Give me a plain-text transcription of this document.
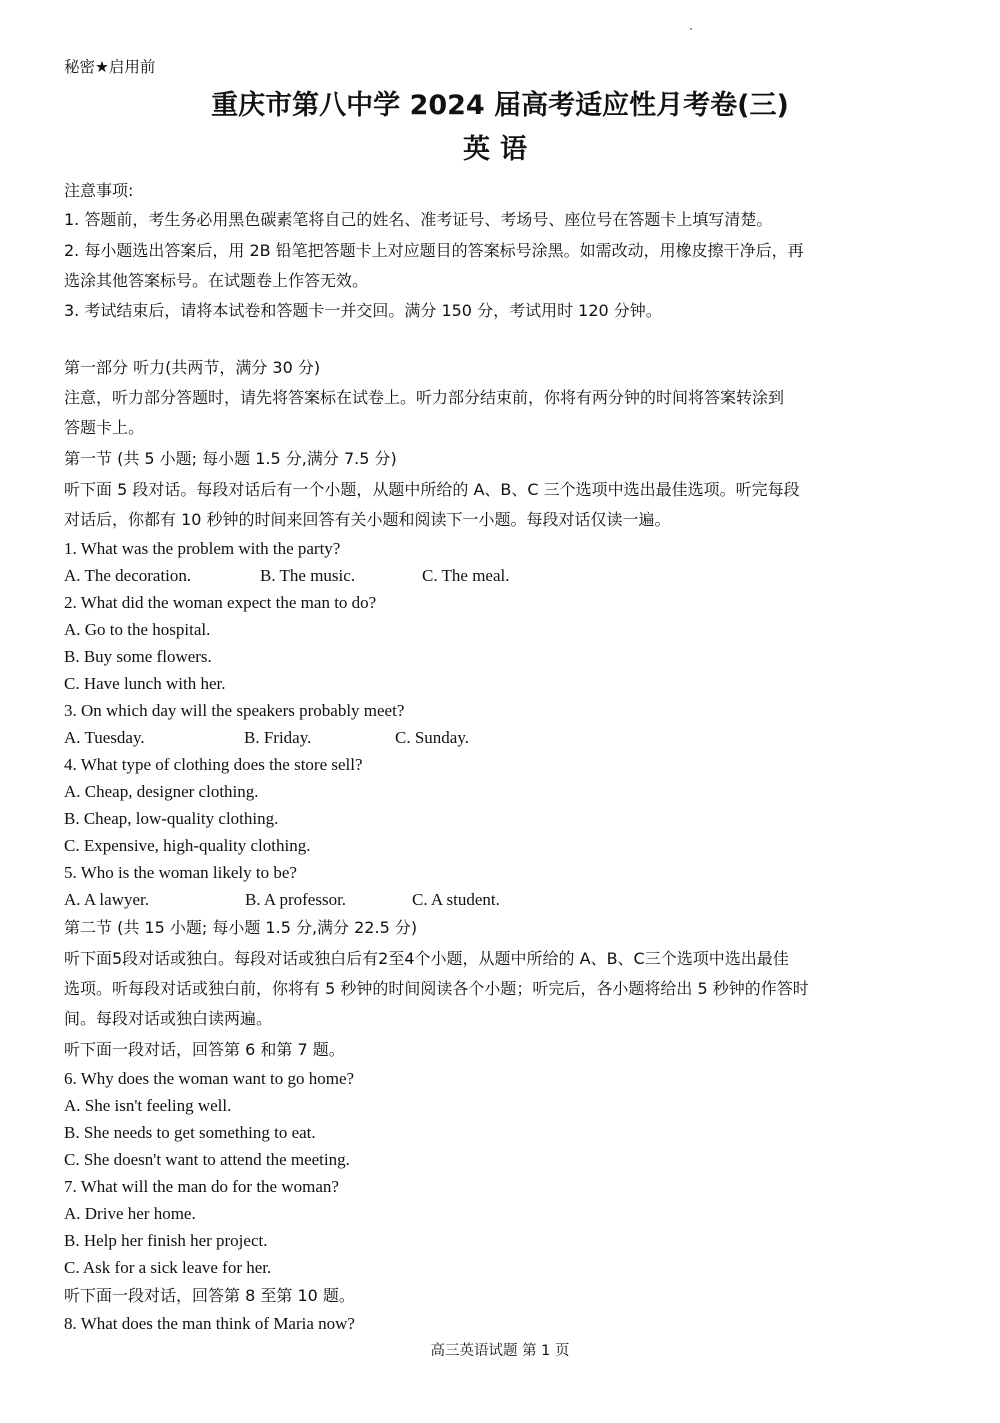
秘密★启用前
重庆市第八中学 2024 届高考适应性月考卷(三)
英语
注意事项:
1. 答题前，考生务必用黑色碳素笔将自己的姓名、准考证号、考场号、座位号在答题卡上填写清楚。
2. 每小题选出答案后，用 2B 铅笔把答题卡上对应题目的答案标号涂黑。如需改动，用橡皮擦干净后，再
选涂其他答案标号。在试题卷上作答无效。
3. 考试结束后，请将本试卷和答题卡一并交回。满分 150 分，考试用时 120 分钟。
第一部分 听力(共两节，满分 30 分)
注意，听力部分答题时，请先将答案标在试卷上。听力部分结束前，你将有两分钟的时间将答案转涂到
答题卡上。
第一节 (共 5 小题; 每小题 1.5 分,满分 7.5 分)
听下面 5 段对话。每段对话后有一个小题，从题中所给的 A、B、C 三个选项中选出最佳选项。听完每段
对话后，你都有 10 秒钟的时间来回答有关小题和阅读下一小题。每段对话仅读一遍。
1. What was the problem with the party?
A. The decoration.	B. The music.	C. The meal.
2. What did the woman expect the man to do?
A. Go to the hospital.
B. Buy some flowers.
C. Have lunch with her.
3. On which day will the speakers probably meet?
A. Tuesday.	B. Friday.	C. Sunday.
4. What type of clothing does the store sell?
A. Cheap, designer clothing.
B. Cheap, low-quality clothing.
C. Expensive, high-quality clothing.
5. Who is the woman likely to be?
A. A lawyer.	B. A professor.	C. A student.
第二节 (共 15 小题; 每小题 1.5 分,满分 22.5 分)
听下面5段对话或独白。每段对话或独白后有2至4个小题，从题中所给的 A、B、C三个选项中选出最佳
选项。听每段对话或独白前，你将有 5 秒钟的时间阅读各个小题；听完后，各小题将给出 5 秒钟的作答时
间。每段对话或独白读两遍。
听下面一段对话，回答第 6 和第 7 题。
6. Why does the woman want to go home?
A. She isn't feeling well.
B. She needs to get something to eat.
C. She doesn't want to attend the meeting.
7. What will the man do for the woman?
A. Drive her home.
B. Help her finish her project.
C. Ask for a sick leave for her.
听下面一段对话，回答第 8 至第 10 题。
8. What does the man think of Maria now?
高三英语试题 第 1 页
